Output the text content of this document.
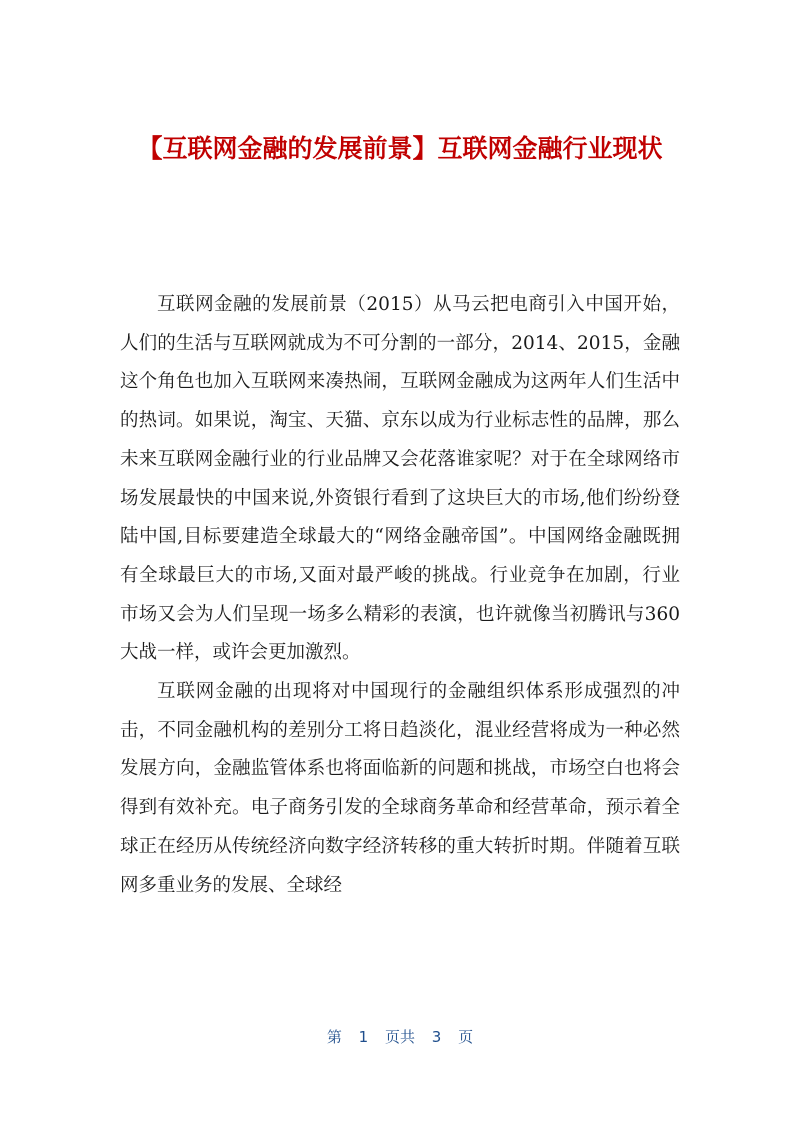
【互联网金融的发展前景】互联网金融行业现状

互联网金融的发展前景（2015）从马云把电商引入中国开始，人们的生活与互联网就成为不可分割的一部分，2014、2015，金融这个角色也加入互联网来凑热闹，互联网金融成为这两年人们生活中的热词。如果说，淘宝、天猫、京东以成为行业标志性的品牌，那么未来互联网金融行业的行业品牌又会花落谁家呢？对于在全球网络市场发展最快的中国来说,外资银行看到了这块巨大的市场,他们纷纷登陆中国,目标要建造全球最大的“网络金融帝国”。中国网络金融既拥有全球最巨大的市场,又面对最严峻的挑战。行业竞争在加剧，行业市场又会为人们呈现一场多么精彩的表演，也许就像当初腾讯与360大战一样，或许会更加激烈。

互联网金融的出现将对中国现行的金融组织体系形成强烈的冲击，不同金融机构的差别分工将日趋淡化，混业经营将成为一种必然发展方向，金融监管体系也将面临新的问题和挑战，市场空白也将会得到有效补充。电子商务引发的全球商务革命和经营革命，预示着全球正在经历从传统经济向数字经济转移的重大转折时期。伴随着互联网多重业务的发展、全球经

第 1 页共 3 页
